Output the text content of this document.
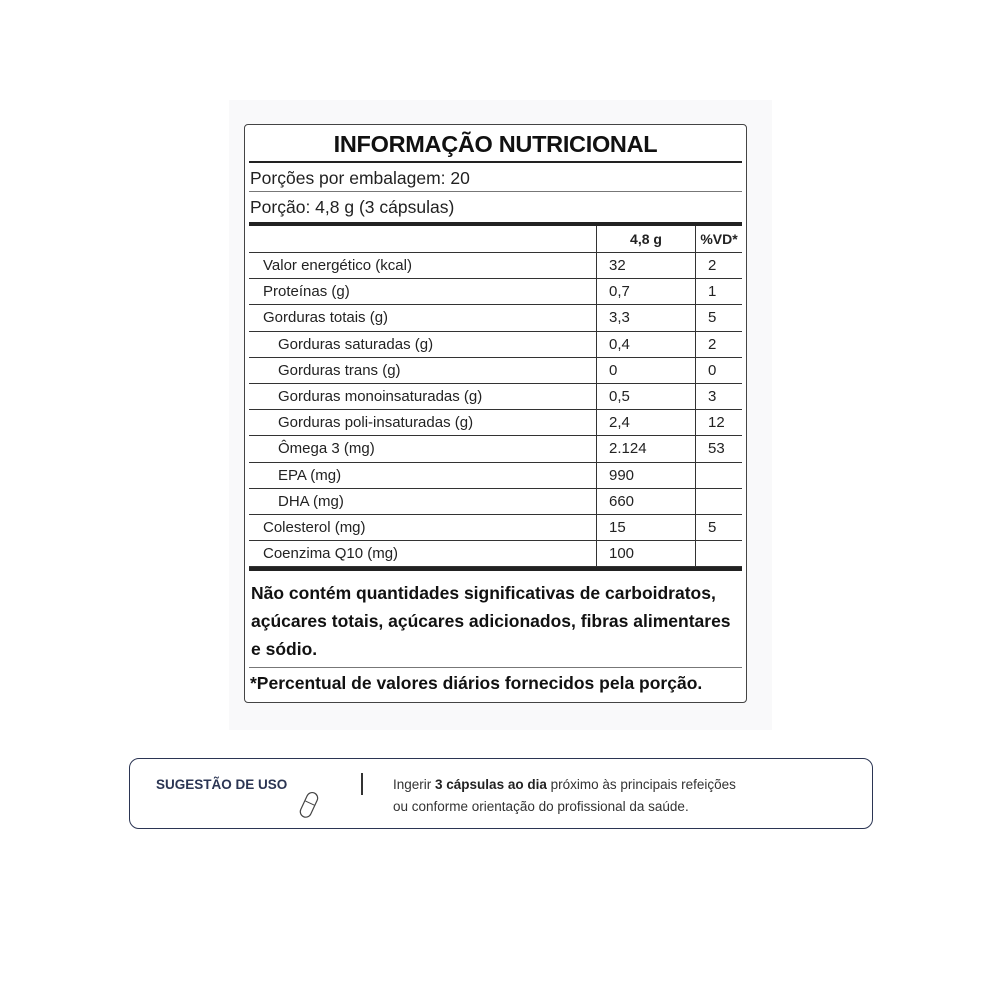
INFORMAÇÃO NUTRICIONAL
Porções por embalagem: 20
Porção: 4,8 g (3 cápsulas)
	4,8 g	%VD*
Valor energético (kcal)	32	2
Proteínas (g)	0,7	1
Gorduras totais (g)	3,3	5
Gorduras saturadas (g)	0,4	2
Gorduras trans (g)	0	0
Gorduras monoinsaturadas (g)	0,5	3
Gorduras poli-insaturadas (g)	2,4	12
Ômega 3 (mg)	2.124	53
EPA (mg)	990	
DHA (mg)	660	
Colesterol (mg)	15	5
Coenzima Q10 (mg)	100	
Não contém quantidades significativas de carboidratos, açúcares totais, açúcares adicionados, fibras alimentares e sódio.
*Percentual de valores diários fornecidos pela porção.
SUGESTÃO DE USO	Ingerir 3 cápsulas ao dia próximo às principais refeições
ou conforme orientação do profissional da saúde.
